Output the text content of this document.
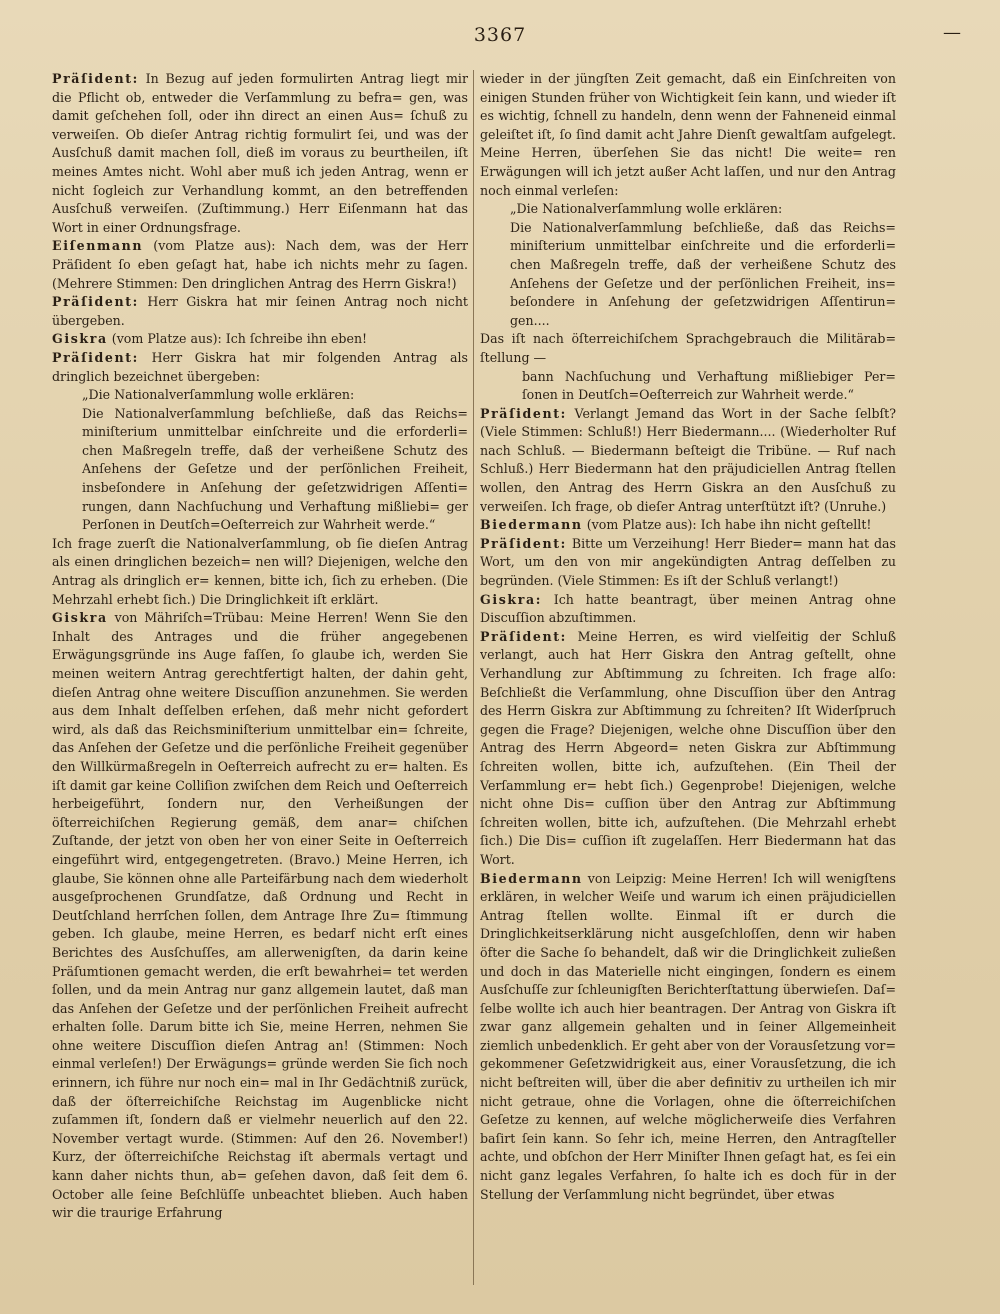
3367	—

Präſident: In Bezug auf jeden formulirten Antrag liegt mir die Pflicht ob, entweder die Verſammlung zu befra= gen, was damit geſchehen ſoll, oder ihn direct an einen Aus= ſchuß zu verweiſen. Ob dieſer Antrag richtig formulirt ſei, und was der Ausſchuß damit machen ſoll, dieß im voraus zu beurtheilen, iſt meines Amtes nicht. Wohl aber muß ich jeden Antrag, wenn er nicht ſogleich zur Verhandlung kommt, an den betreffenden Ausſchuß verweiſen. (Zuſtimmung.) Herr Eiſenmann hat das Wort in einer Ordnungsfrage.

Eiſenmann (vom Platze aus): Nach dem, was der Herr Präſident ſo eben geſagt hat, habe ich nichts mehr zu ſagen. (Mehrere Stimmen: Den dringlichen Antrag des Herrn Giskra!)

Präſident: Herr Giskra hat mir ſeinen Antrag noch nicht übergeben.

Giskra (vom Platze aus): Ich ſchreibe ihn eben!

Präſident: Herr Giskra hat mir folgenden Antrag als dringlich bezeichnet übergeben:

„Die Nationalverſammlung wolle erklären:

Die Nationalverſammlung beſchließe, daß das Reichs= miniſterium unmittelbar einſchreite und die erforderli= chen Maßregeln treffe, daß der verheißene Schutz des Anſehens der Geſetze und der perſönlichen Freiheit, insbeſondere in Anſehung der geſetzwidrigen Aſſenti= rungen, dann Nachſuchung und Verhaftung mißliebi= ger Perſonen in Deutſch=Oeſterreich zur Wahrheit werde.“

Ich frage zuerſt die Nationalverſammlung, ob ſie dieſen Antrag als einen dringlichen bezeich= nen will? Diejenigen, welche den Antrag als dringlich er= kennen, bitte ich, ſich zu erheben. (Die Mehrzahl erhebt ſich.) Die Dringlichkeit iſt erklärt.

Giskra von Mähriſch=Trübau: Meine Herren! Wenn Sie den Inhalt des Antrages und die früher angegebenen Erwägungsgründe ins Auge faſſen, ſo glaube ich, werden Sie meinen weitern Antrag gerechtfertigt halten, der dahin geht, dieſen Antrag ohne weitere Discuſſion anzunehmen. Sie werden aus dem Inhalt deſſelben erſehen, daß mehr nicht gefordert wird, als daß das Reichsminiſterium unmittelbar ein= ſchreite, das Anſehen der Geſetze und die perſönliche Freiheit gegenüber den Willkürmaßregeln in Oeſterreich aufrecht zu er= halten. Es iſt damit gar keine Colliſion zwiſchen dem Reich und Oeſterreich herbeigeführt, ſondern nur, den Verheißungen der öſterreichiſchen Regierung gemäß, dem anar= chiſchen Zuſtande, der jetzt von oben her von einer Seite in Oeſterreich eingeführt wird, entgegengetreten. (Bravo.) Meine Herren, ich glaube, Sie können ohne alle Parteifärbung nach dem wiederholt ausgeſprochenen Grundſatze, daß Ordnung und Recht in Deutſchland herrſchen ſollen, dem Antrage Ihre Zu= ſtimmung geben. Ich glaube, meine Herren, es bedarf nicht erſt eines Berichtes des Ausſchuſſes, am allerwenigſten, da darin keine Präſumtionen gemacht werden, die erſt bewahrhei= tet werden ſollen, und da mein Antrag nur ganz allgemein lautet, daß man das Anſehen der Geſetze und der perſönlichen Freiheit aufrecht erhalten ſolle. Darum bitte ich Sie, meine Herren, nehmen Sie ohne weitere Discuſſion dieſen Antrag an! (Stimmen: Noch einmal verleſen!) Der Erwägungs= gründe werden Sie ſich noch erinnern, ich führe nur noch ein= mal in Ihr Gedächtniß zurück, daß der öſterreichiſche Reichstag im Augenblicke nicht zuſammen iſt, ſondern daß er vielmehr neuerlich auf den 22. November vertagt wurde. (Stimmen: Auf den 26. November!) Kurz, der öſterreichiſche Reichstag iſt abermals vertagt und kann daher nichts thun, ab= geſehen davon, daß ſeit dem 6. October alle ſeine Beſchlüſſe unbeachtet blieben. Auch haben wir die traurige Erfahrung

wieder in der jüngſten Zeit gemacht, daß ein Einſchreiten von einigen Stunden früher von Wichtigkeit ſein kann, und wieder iſt es wichtig, ſchnell zu handeln, denn wenn der Fahneneid einmal geleiſtet iſt, ſo ſind damit acht Jahre Dienſt gewaltſam aufgelegt. Meine Herren, überſehen Sie das nicht! Die weite= ren Erwägungen will ich jetzt außer Acht laſſen, und nur den Antrag noch einmal verleſen:

„Die Nationalverſammlung wolle erklären:

Die Nationalverſammlung beſchließe, daß das Reichs= miniſterium unmittelbar einſchreite und die erforderli= chen Maßregeln treffe, daß der verheißene Schutz des Anſehens der Geſetze und der perſönlichen Freiheit, ins= beſondere in Anſehung der geſetzwidrigen Aſſentirun= gen....

Das iſt nach öſterreichiſchem Sprachgebrauch die Militärab= ſtellung —

bann Nachſuchung und Verhaftung mißliebiger Per= ſonen in Deutſch=Oeſterreich zur Wahrheit werde.“

Präſident: Verlangt Jemand das Wort in der Sache ſelbſt? (Viele Stimmen: Schluß!) Herr Biedermann.... (Wiederholter Ruf nach Schluß. — Biedermann beſteigt die Tribüne. — Ruf nach Schluß.) Herr Biedermann hat den präjudiciellen Antrag ſtellen wollen, den Antrag des Herrn Giskra an den Ausſchuß zu verweiſen. Ich frage, ob dieſer Antrag unterſtützt iſt? (Unruhe.)

Biedermann (vom Platze aus): Ich habe ihn nicht geſtellt!

Präſident: Bitte um Verzeihung! Herr Bieder= mann hat das Wort, um den von mir angekündigten Antrag deſſelben zu begründen. (Viele Stimmen: Es iſt der Schluß verlangt!)

Giskra: Ich hatte beantragt, über meinen Antrag ohne Discuſſion abzuſtimmen.

Präſident: Meine Herren, es wird vielſeitig der Schluß verlangt, auch hat Herr Giskra den Antrag geſtellt, ohne Verhandlung zur Abſtimmung zu ſchreiten. Ich frage alſo: Beſchließt die Verſammlung, ohne Discuſſion über den Antrag des Herrn Giskra zur Abſtimmung zu ſchreiten? Iſt Widerſpruch gegen die Frage? Diejenigen, welche ohne Discuſſion über den Antrag des Herrn Abgeord= neten Giskra zur Abſtimmung ſchreiten wollen, bitte ich, aufzuſtehen. (Ein Theil der Verſammlung er= hebt ſich.) Gegenprobe! Diejenigen, welche nicht ohne Dis= cuſſion über den Antrag zur Abſtimmung ſchreiten wollen, bitte ich, aufzuſtehen. (Die Mehrzahl erhebt ſich.) Die Dis= cuſſion iſt zugelaſſen. Herr Biedermann hat das Wort.

Biedermann von Leipzig: Meine Herren! Ich will wenigſtens erklären, in welcher Weiſe und warum ich einen präjudiciellen Antrag ſtellen wollte. Einmal iſt er durch die Dringlichkeitserklärung nicht ausgeſchloſſen, denn wir haben öfter die Sache ſo behandelt, daß wir die Dringlichkeit zuließen und doch in das Materielle nicht eingingen, ſondern es einem Ausſchuſſe zur ſchleunigſten Berichterſtattung überwieſen. Daſ= ſelbe wollte ich auch hier beantragen. Der Antrag von Giskra iſt zwar ganz allgemein gehalten und in ſeiner Allgemeinheit ziemlich unbedenklich. Er geht aber von der Vorausſetzung vor= gekommener Geſetzwidrigkeit aus, einer Vorausſetzung, die ich nicht beſtreiten will, über die aber definitiv zu urtheilen ich mir nicht getraue, ohne die Vorlagen, ohne die öſterreichiſchen Geſetze zu kennen, auf welche möglicherweiſe dies Verfahren baſirt ſein kann. So ſehr ich, meine Herren, den Antragſteller achte, und obſchon der Herr Miniſter Ihnen geſagt hat, es ſei ein nicht ganz legales Verfahren, ſo halte ich es doch für in der Stellung der Verſammlung nicht begründet, über etwas
